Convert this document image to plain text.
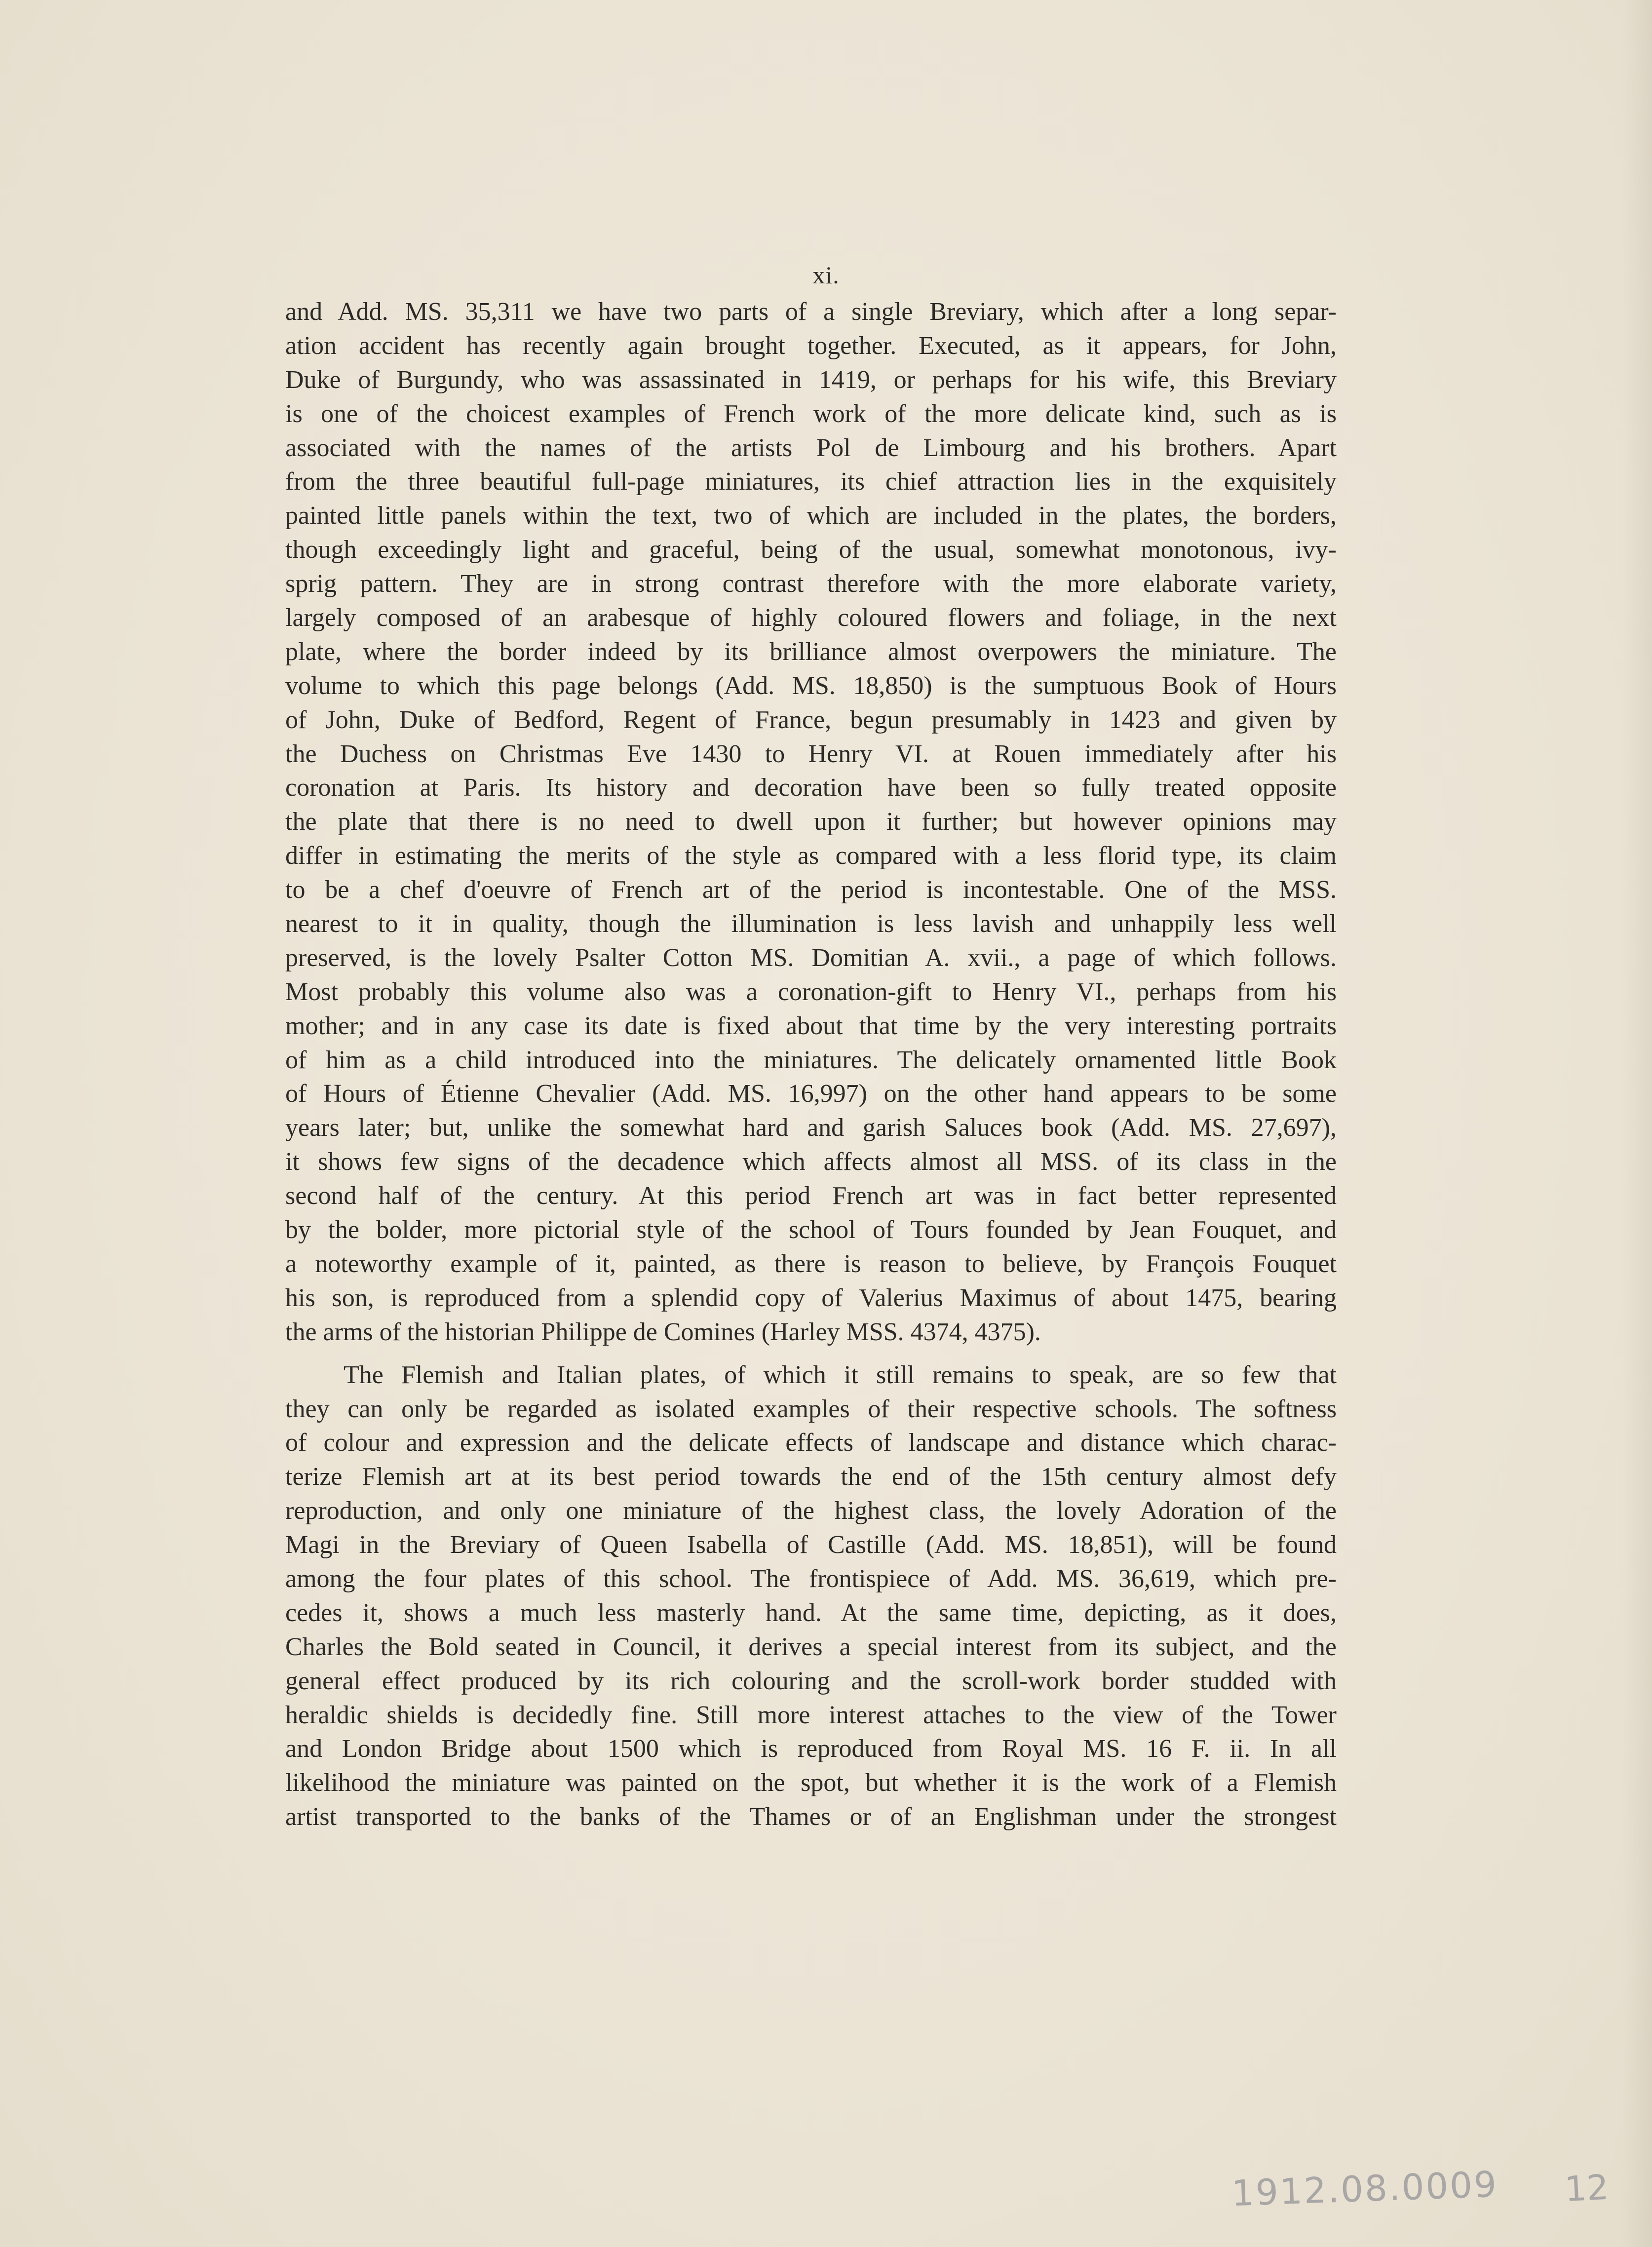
xi.
and Add. MS. 35,311 we have two parts of a single Breviary, which after a long separ-
ation accident has recently again brought together. Executed, as it appears, for John,
Duke of Burgundy, who was assassinated in 1419, or perhaps for his wife, this Breviary
is one of the choicest examples of French work of the more delicate kind, such as is
associated with the names of the artists Pol de Limbourg and his brothers. Apart
from the three beautiful full-page miniatures, its chief attraction lies in the exquisitely
painted little panels within the text, two of which are included in the plates, the borders,
though exceedingly light and graceful, being of the usual, somewhat monotonous, ivy-
sprig pattern. They are in strong contrast therefore with the more elaborate variety,
largely composed of an arabesque of highly coloured flowers and foliage, in the next
plate, where the border indeed by its brilliance almost overpowers the miniature. The
volume to which this page belongs (Add. MS. 18,850) is the sumptuous Book of Hours
of John, Duke of Bedford, Regent of France, begun presumably in 1423 and given by
the Duchess on Christmas Eve 1430 to Henry VI. at Rouen immediately after his
coronation at Paris. Its history and decoration have been so fully treated opposite
the plate that there is no need to dwell upon it further; but however opinions may
differ in estimating the merits of the style as compared with a less florid type, its claim
to be a chef d'oeuvre of French art of the period is incontestable. One of the MSS.
nearest to it in quality, though the illumination is less lavish and unhappily less well
preserved, is the lovely Psalter Cotton MS. Domitian A. xvii., a page of which follows.
Most probably this volume also was a coronation-gift to Henry VI., perhaps from his
mother; and in any case its date is fixed about that time by the very interesting portraits
of him as a child introduced into the miniatures. The delicately ornamented little Book
of Hours of Étienne Chevalier (Add. MS. 16,997) on the other hand appears to be some
years later; but, unlike the somewhat hard and garish Saluces book (Add. MS. 27,697),
it shows few signs of the decadence which affects almost all MSS. of its class in the
second half of the century. At this period French art was in fact better represented
by the bolder, more pictorial style of the school of Tours founded by Jean Fouquet, and
a noteworthy example of it, painted, as there is reason to believe, by François Fouquet
his son, is reproduced from a splendid copy of Valerius Maximus of about 1475, bearing
the arms of the historian Philippe de Comines (Harley MSS. 4374, 4375).
The Flemish and Italian plates, of which it still remains to speak, are so few that
they can only be regarded as isolated examples of their respective schools. The softness
of colour and expression and the delicate effects of landscape and distance which charac-
terize Flemish art at its best period towards the end of the 15th century almost defy
reproduction, and only one miniature of the highest class, the lovely Adoration of the
Magi in the Breviary of Queen Isabella of Castille (Add. MS. 18,851), will be found
among the four plates of this school. The frontispiece of Add. MS. 36,619, which pre-
cedes it, shows a much less masterly hand. At the same time, depicting, as it does,
Charles the Bold seated in Council, it derives a special interest from its subject, and the
general effect produced by its rich colouring and the scroll-work border studded with
heraldic shields is decidedly fine. Still more interest attaches to the view of the Tower
and London Bridge about 1500 which is reproduced from Royal MS. 16 F. ii. In all
likelihood the miniature was painted on the spot, but whether it is the work of a Flemish
artist transported to the banks of the Thames or of an Englishman under the strongest
1912.08.0009 12
